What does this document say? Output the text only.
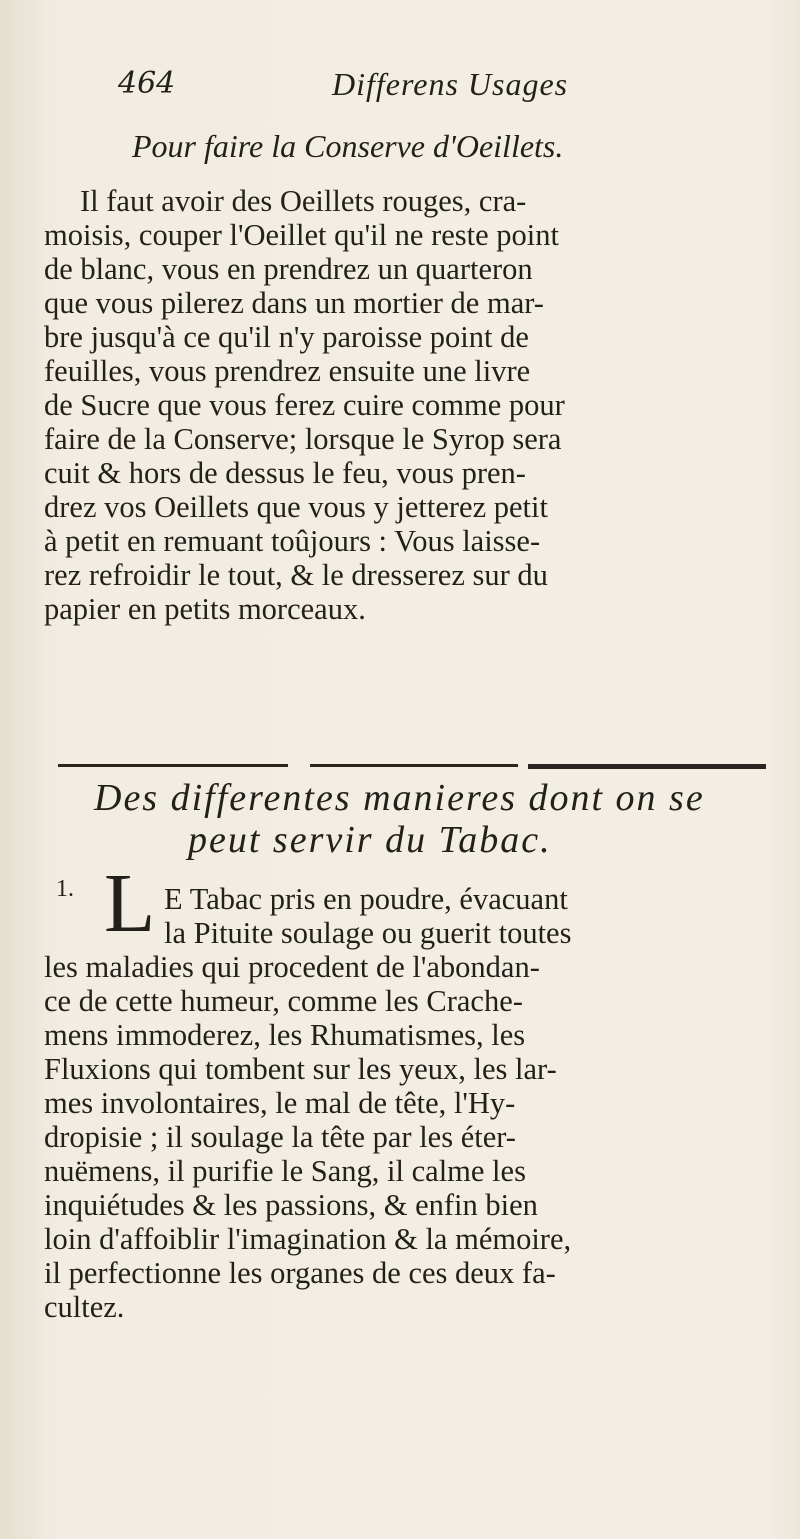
464	Differens Usages
Pour faire la Conserve d'Oeillets.
Il faut avoir des Oeillets rouges, cra-
moisis, couper l'Oeillet qu'il ne reste point
de blanc, vous en prendrez un quarteron
que vous pilerez dans un mortier de mar-
bre jusqu'à ce qu'il n'y paroisse point de
feuilles, vous prendrez ensuite une livre
de Sucre que vous ferez cuire comme pour
faire de la Conserve; lorsque le Syrop sera
cuit & hors de dessus le feu, vous pren-
drez vos Oeillets que vous y jetterez petit
à petit en remuant toûjours : Vous laisse-
rez refroidir le tout, & le dresserez sur du
papier en petits morceaux.
Des differentes manieres dont on se
peut servir du Tabac.
1. L E Tabac pris en poudre, évacuant
la Pituite soulage ou guerit toutes
les maladies qui procedent de l'abondan-
ce de cette humeur, comme les Crache-
mens immoderez, les Rhumatismes, les
Fluxions qui tombent sur les yeux, les lar-
mes involontaires, le mal de tête, l'Hy-
dropisie ; il soulage la tête par les éter-
nuëmens, il purifie le Sang, il calme les
inquiétudes & les passions, & enfin bien
loin d'affoiblir l'imagination & la mémoire,
il perfectionne les organes de ces deux fa-
cultez.
